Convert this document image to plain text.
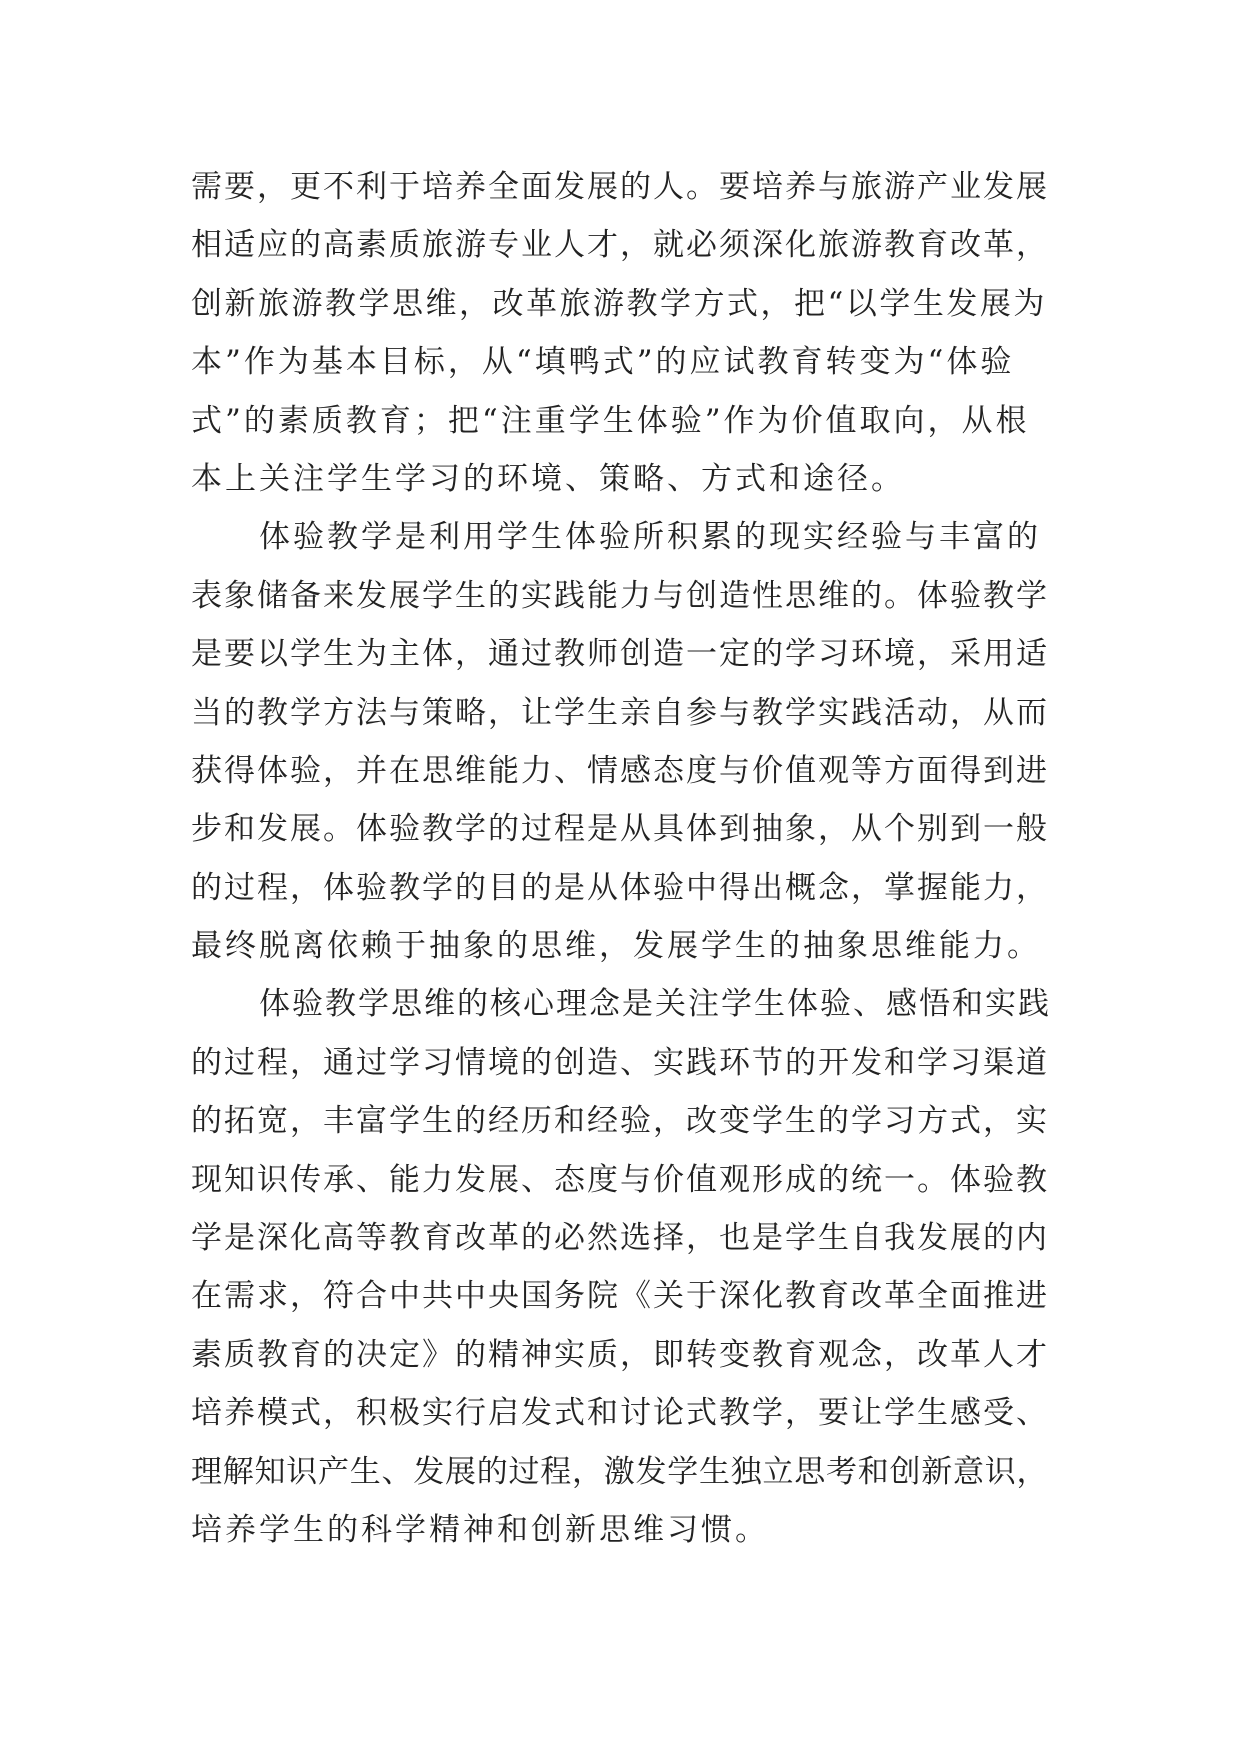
需要，更不利于培养全面发展的人。要培养与旅游产业发展
相适应的高素质旅游专业人才，就必须深化旅游教育改革，
创新旅游教学思维，改革旅游教学方式，把“以学生发展为
本”作为基本目标，从“填鸭式”的应试教育转变为“体验
式”的素质教育；把“注重学生体验”作为价值取向，从根
本上关注学生学习的环境、策略、方式和途径。
体验教学是利用学生体验所积累的现实经验与丰富的
表象储备来发展学生的实践能力与创造性思维的。体验教学
是要以学生为主体，通过教师创造一定的学习环境，采用适
当的教学方法与策略，让学生亲自参与教学实践活动，从而
获得体验，并在思维能力、情感态度与价值观等方面得到进
步和发展。体验教学的过程是从具体到抽象，从个别到一般
的过程，体验教学的目的是从体验中得出概念，掌握能力，
最终脱离依赖于抽象的思维，发展学生的抽象思维能力。
体验教学思维的核心理念是关注学生体验、感悟和实践
的过程，通过学习情境的创造、实践环节的开发和学习渠道
的拓宽，丰富学生的经历和经验，改变学生的学习方式，实
现知识传承、能力发展、态度与价值观形成的统一。体验教
学是深化高等教育改革的必然选择，也是学生自我发展的内
在需求，符合中共中央国务院《关于深化教育改革全面推进
素质教育的决定》的精神实质，即转变教育观念，改革人才
培养模式，积极实行启发式和讨论式教学，要让学生感受、
理解知识产生、发展的过程，激发学生独立思考和创新意识，
培养学生的科学精神和创新思维习惯。
